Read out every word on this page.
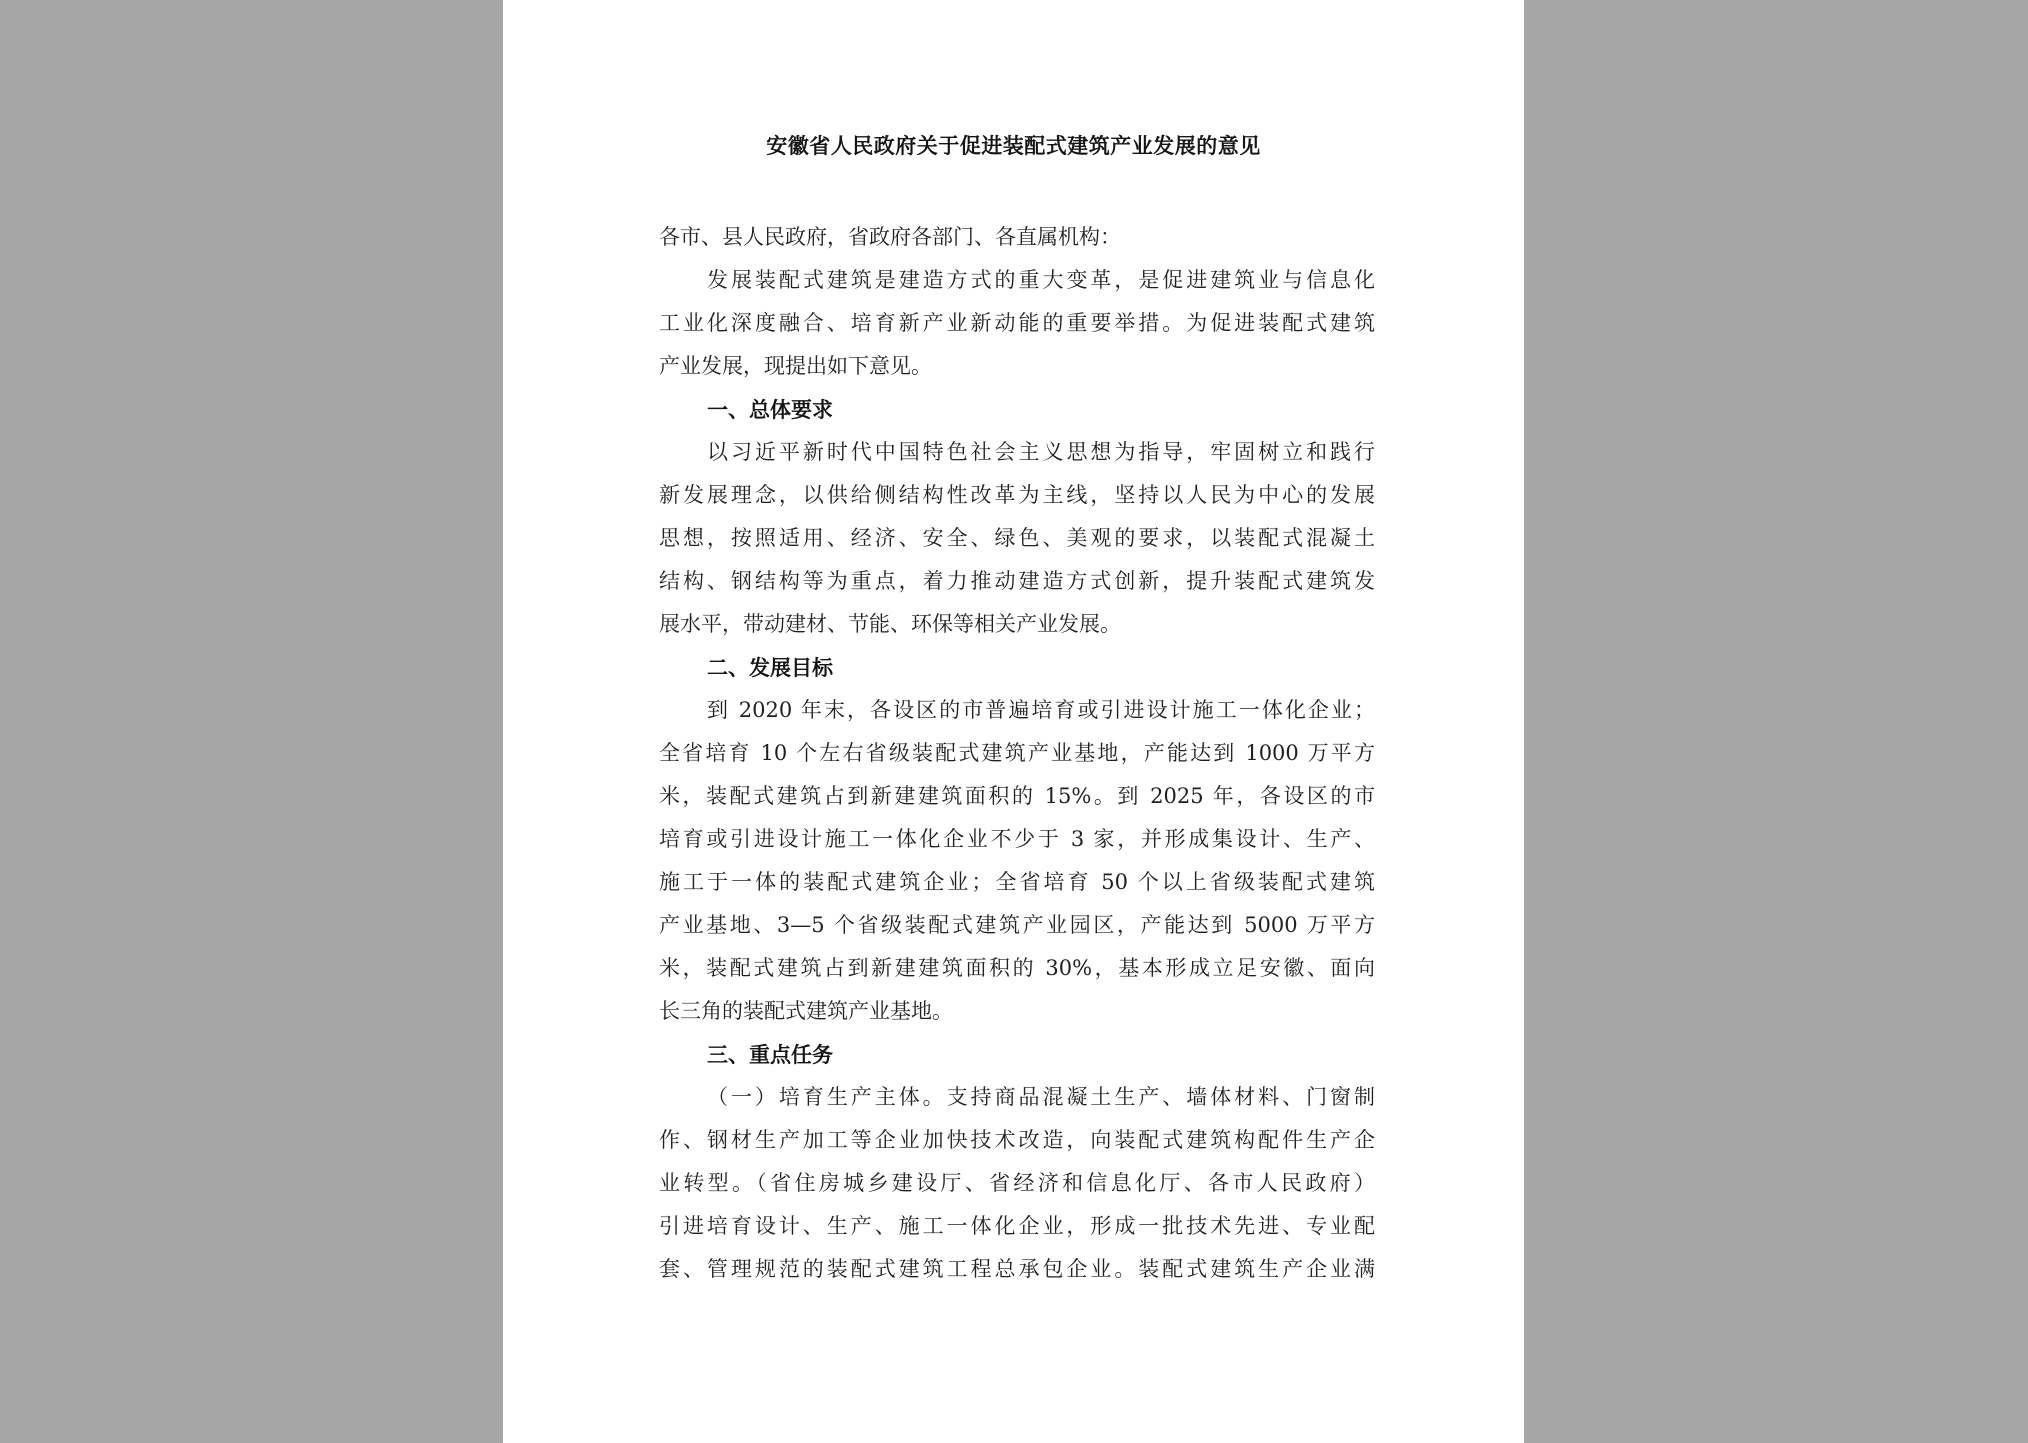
安徽省人民政府关于促进装配式建筑产业发展的意见
各市、县人民政府，省政府各部门、各直属机构：
发展装配式建筑是建造方式的重大变革，是促进建筑业与信息化
工业化深度融合、培育新产业新动能的重要举措。为促进装配式建筑
产业发展，现提出如下意见。
一、总体要求
以习近平新时代中国特色社会主义思想为指导，牢固树立和践行
新发展理念，以供给侧结构性改革为主线，坚持以人民为中心的发展
思想，按照适用、经济、安全、绿色、美观的要求，以装配式混凝土
结构、钢结构等为重点，着力推动建造方式创新，提升装配式建筑发
展水平，带动建材、节能、环保等相关产业发展。
二、发展目标
到 2020 年末，各设区的市普遍培育或引进设计施工一体化企业；
全省培育 10 个左右省级装配式建筑产业基地，产能达到 1000 万平方
米，装配式建筑占到新建建筑面积的 15%。到 2025 年，各设区的市
培育或引进设计施工一体化企业不少于 3 家，并形成集设计、生产、
施工于一体的装配式建筑企业；全省培育 50 个以上省级装配式建筑
产业基地、3—5 个省级装配式建筑产业园区，产能达到 5000 万平方
米，装配式建筑占到新建建筑面积的 30%，基本形成立足安徽、面向
长三角的装配式建筑产业基地。
三、重点任务
（一）培育生产主体。支持商品混凝土生产、墙体材料、门窗制
作、钢材生产加工等企业加快技术改造，向装配式建筑构配件生产企
业转型。（省住房城乡建设厅、省经济和信息化厅、各市人民政府）
引进培育设计、生产、施工一体化企业，形成一批技术先进、专业配
套、管理规范的装配式建筑工程总承包企业。装配式建筑生产企业满
